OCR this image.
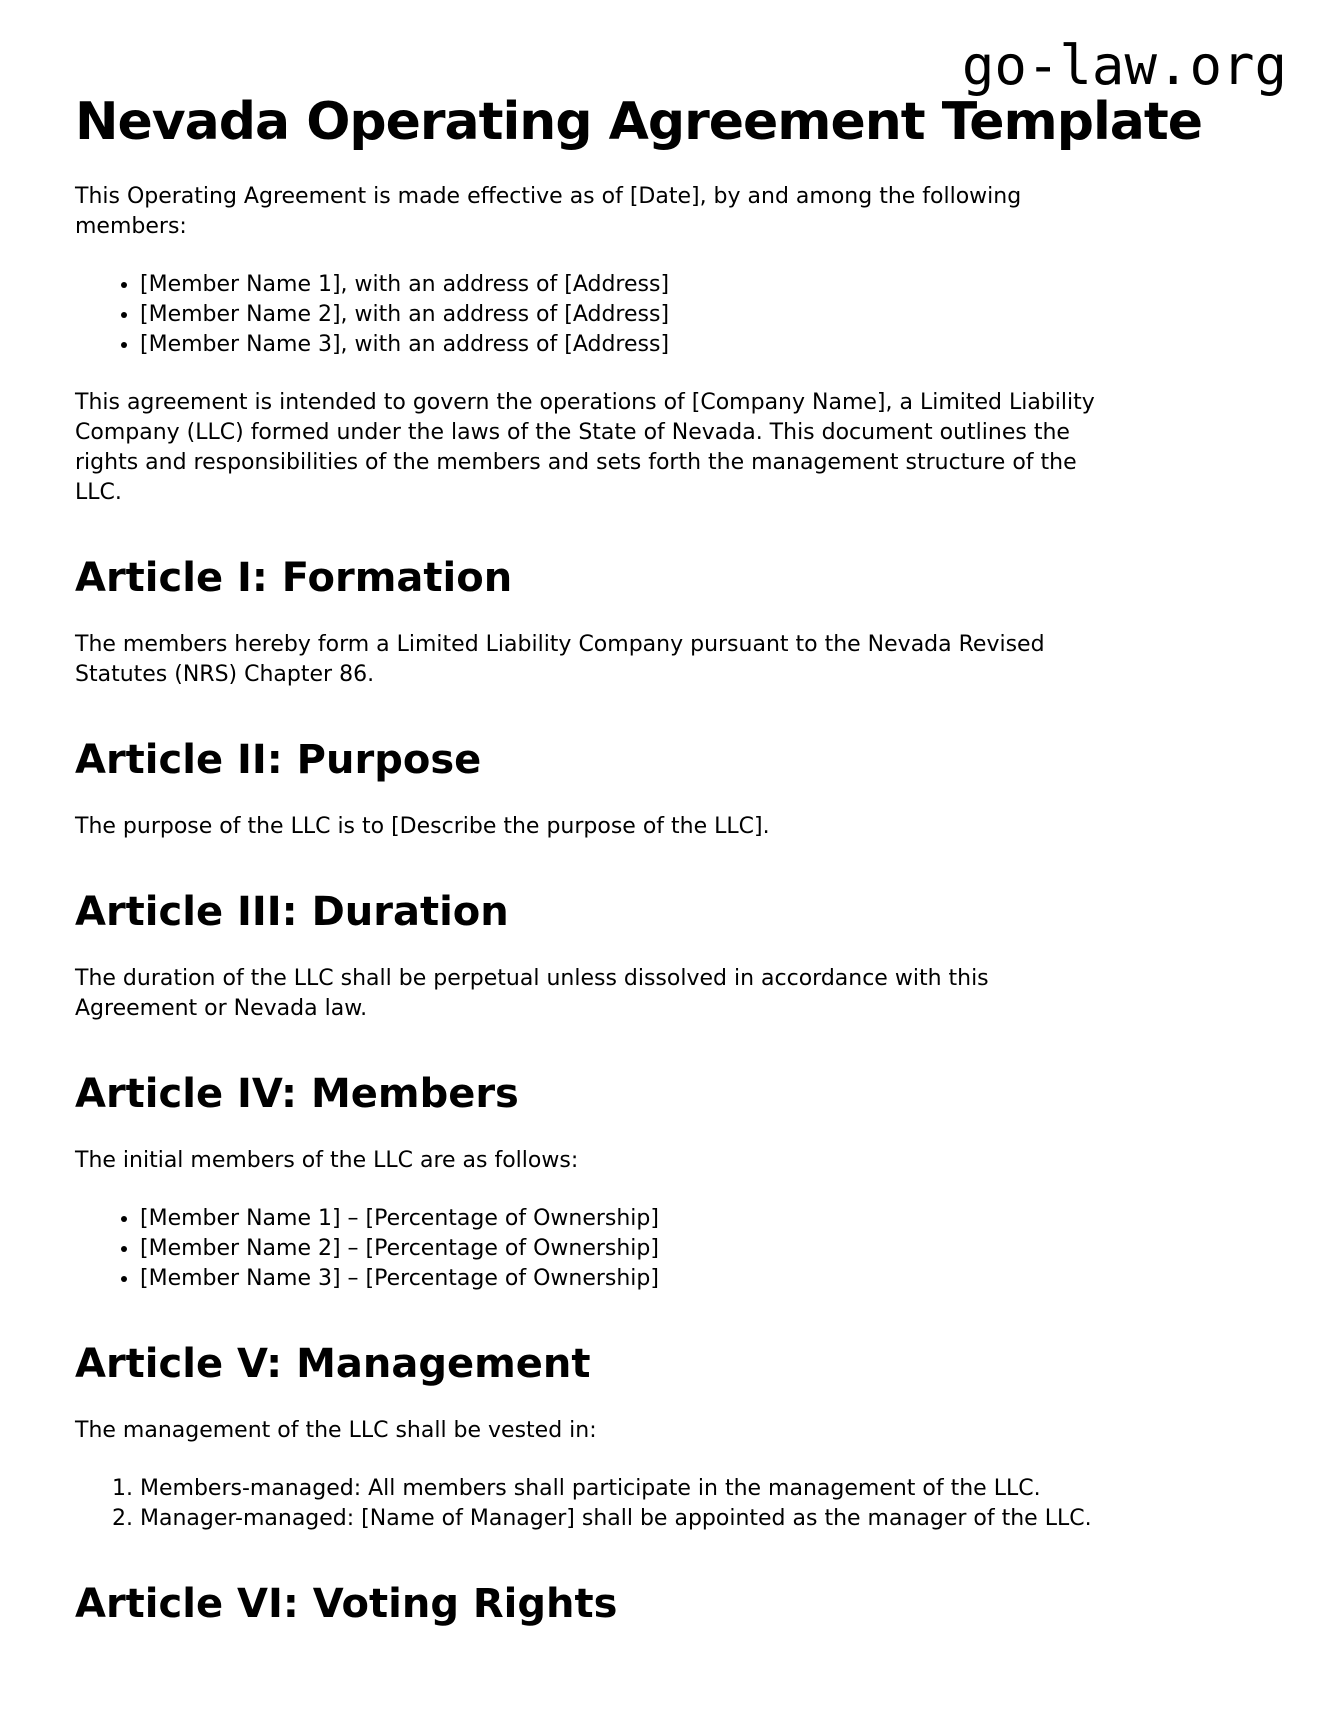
go-law.org
Nevada Operating Agreement Template

This Operating Agreement is made effective as of [Date], by and among the following members:

• [Member Name 1], with an address of [Address]
• [Member Name 2], with an address of [Address]
• [Member Name 3], with an address of [Address]

This agreement is intended to govern the operations of [Company Name], a Limited Liability Company (LLC) formed under the laws of the State of Nevada. This document outlines the rights and responsibilities of the members and sets forth the management structure of the LLC.

Article I: Formation

The members hereby form a Limited Liability Company pursuant to the Nevada Revised Statutes (NRS) Chapter 86.

Article II: Purpose

The purpose of the LLC is to [Describe the purpose of the LLC].

Article III: Duration

The duration of the LLC shall be perpetual unless dissolved in accordance with this Agreement or Nevada law.

Article IV: Members

The initial members of the LLC are as follows:

• [Member Name 1] – [Percentage of Ownership]
• [Member Name 2] – [Percentage of Ownership]
• [Member Name 3] – [Percentage of Ownership]
Article V: Management

The management of the LLC shall be vested in:

1. Members-managed: All members shall participate in the management of the LLC.
2. Manager-managed: [Name of Manager] shall be appointed as the manager of the LLC.
Article VI: Voting Rights
